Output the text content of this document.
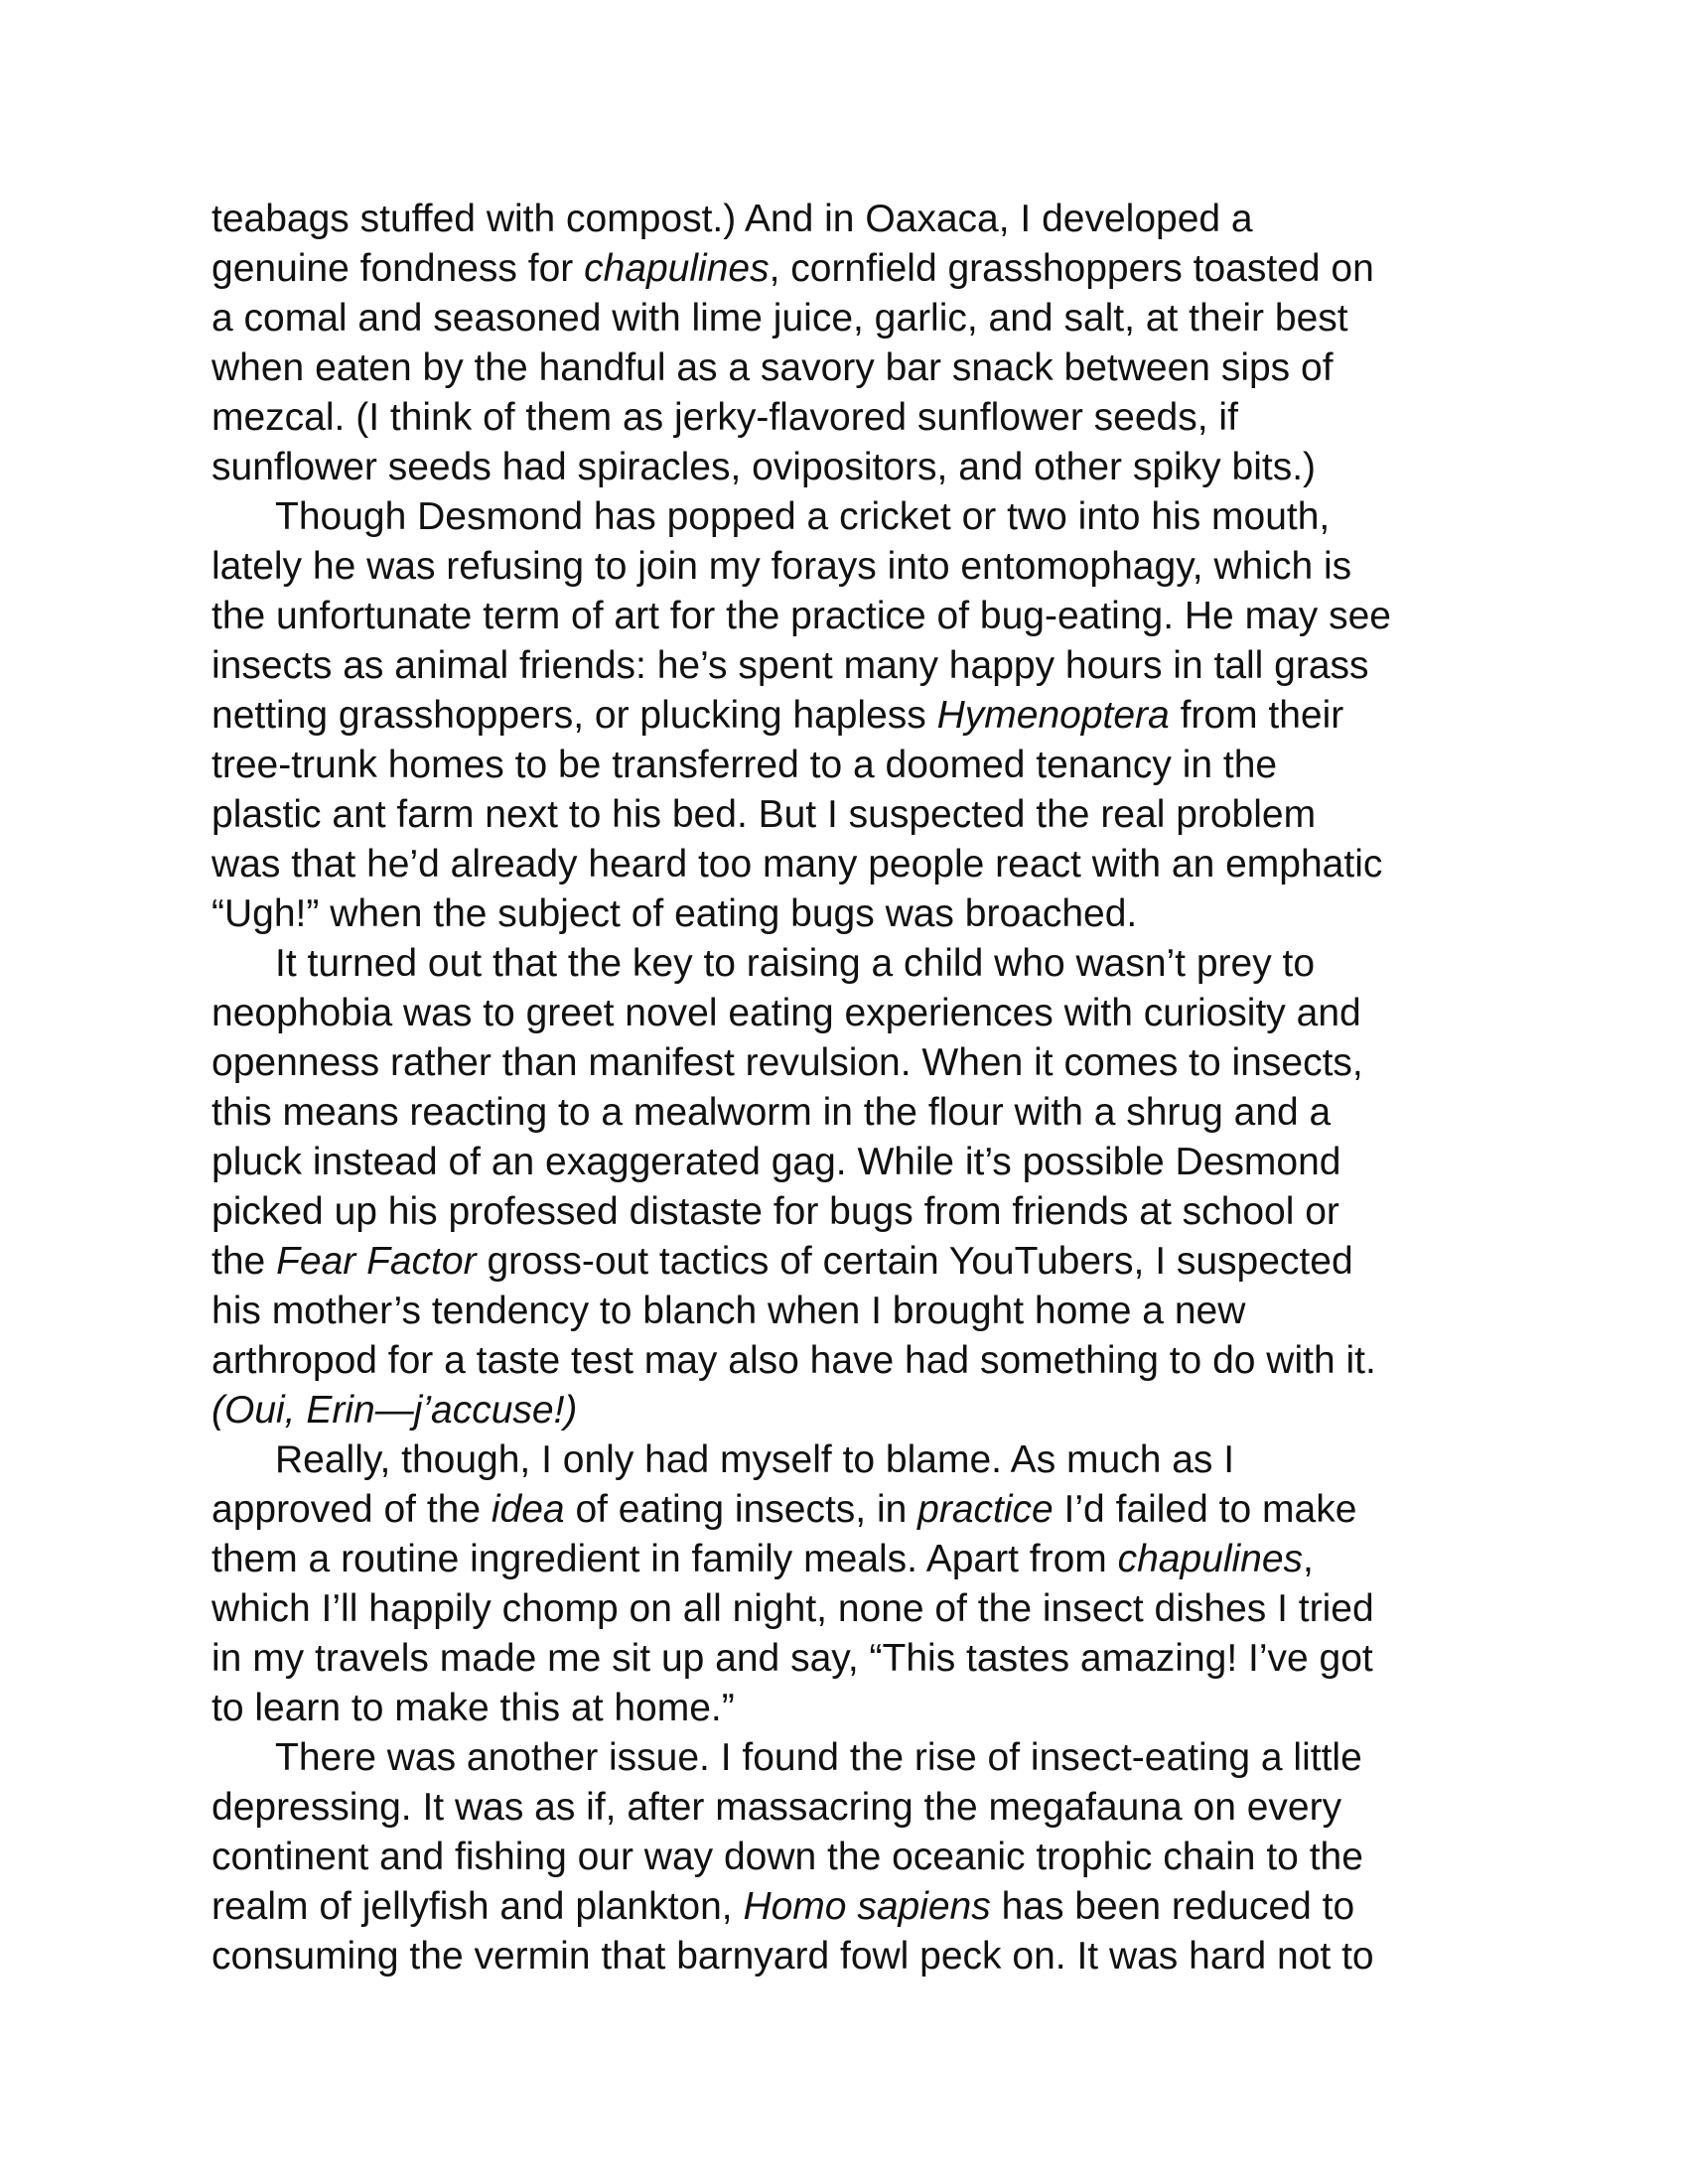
teabags stuffed with compost.) And in Oaxaca, I developed a
genuine fondness for chapulines, cornfield grasshoppers toasted on
a comal and seasoned with lime juice, garlic, and salt, at their best
when eaten by the handful as a savory bar snack between sips of
mezcal. (I think of them as jerky-flavored sunflower seeds, if
sunflower seeds had spiracles, ovipositors, and other spiky bits.)
Though Desmond has popped a cricket or two into his mouth,
lately he was refusing to join my forays into entomophagy, which is
the unfortunate term of art for the practice of bug-eating. He may see
insects as animal friends: he’s spent many happy hours in tall grass
netting grasshoppers, or plucking hapless Hymenoptera from their
tree-trunk homes to be transferred to a doomed tenancy in the
plastic ant farm next to his bed. But I suspected the real problem
was that he’d already heard too many people react with an emphatic
“Ugh!” when the subject of eating bugs was broached.
It turned out that the key to raising a child who wasn’t prey to
neophobia was to greet novel eating experiences with curiosity and
openness rather than manifest revulsion. When it comes to insects,
this means reacting to a mealworm in the flour with a shrug and a
pluck instead of an exaggerated gag. While it’s possible Desmond
picked up his professed distaste for bugs from friends at school or
the Fear Factor gross-out tactics of certain YouTubers, I suspected
his mother’s tendency to blanch when I brought home a new
arthropod for a taste test may also have had something to do with it.
(Oui, Erin—j’accuse!)
Really, though, I only had myself to blame. As much as I
approved of the idea of eating insects, in practice I’d failed to make
them a routine ingredient in family meals. Apart from chapulines,
which I’ll happily chomp on all night, none of the insect dishes I tried
in my travels made me sit up and say, “This tastes amazing! I’ve got
to learn to make this at home.”
There was another issue. I found the rise of insect-eating a little
depressing. It was as if, after massacring the megafauna on every
continent and fishing our way down the oceanic trophic chain to the
realm of jellyfish and plankton, Homo sapiens has been reduced to
consuming the vermin that barnyard fowl peck on. It was hard not to
